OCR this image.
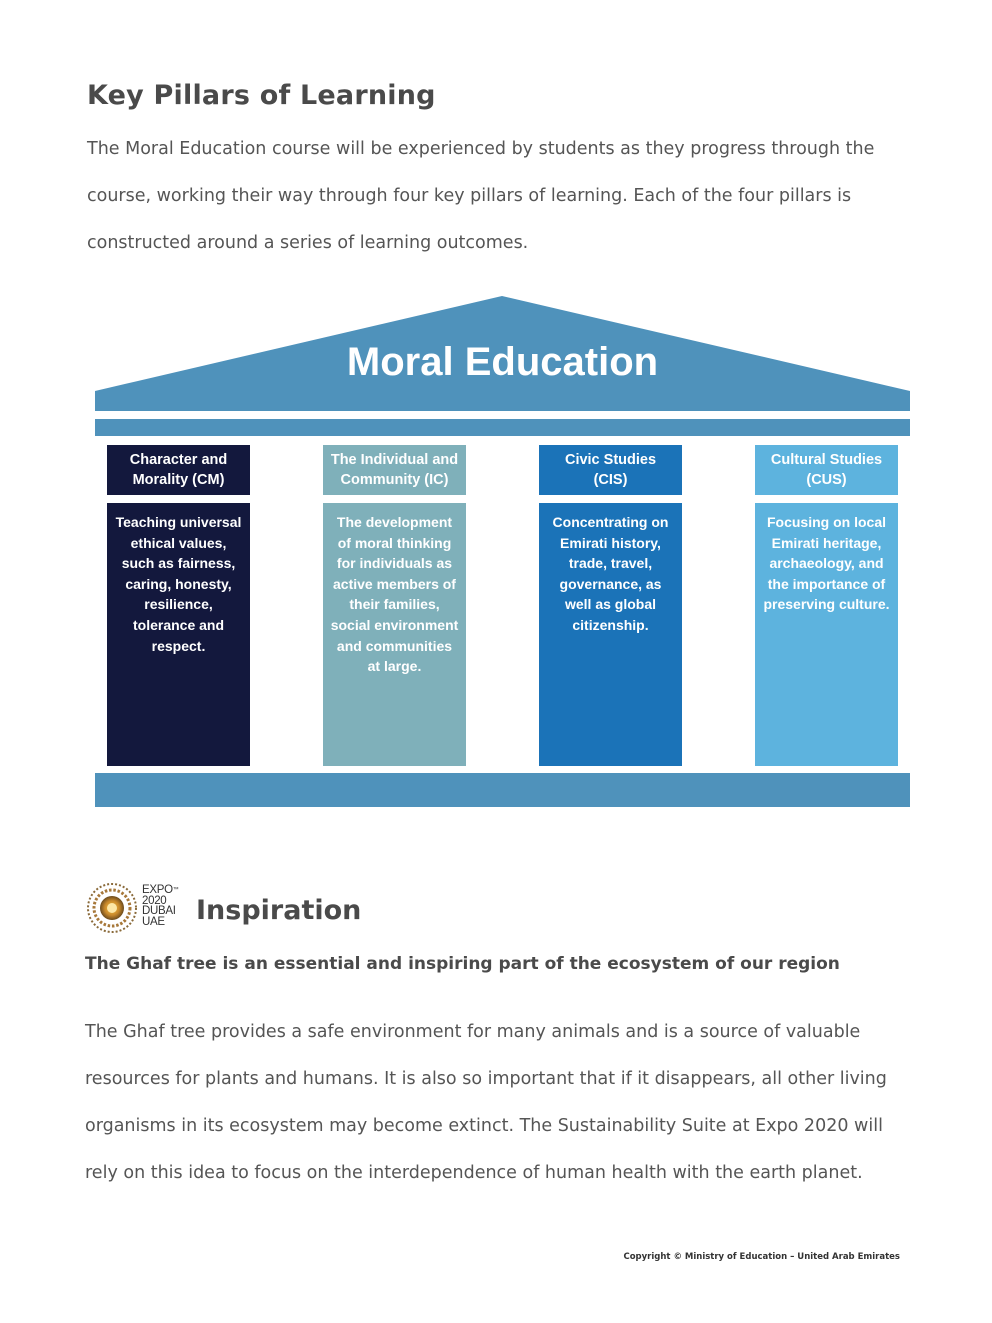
Key Pillars of Learning

The Moral Education course will be experienced by students as they progress through the course, working their way through four key pillars of learning. Each of the four pillars is constructed around a series of learning outcomes.

Moral Education
Character and
Morality (CM)
Teaching universal ethical values, such as fairness, caring, honesty, resilience, tolerance and respect.
The Individual and
Community (IC)
The development of moral thinking for individuals as active members of their families, social environment and communities at large.
Civic Studies
(CIS)
Concentrating on Emirati history, trade, travel, governance, as well as global citizenship.
Cultural Studies
(CUS)
Focusing on local Emirati heritage, archaeology, and the importance of preserving culture.
EXPO™
2020
DUBAI
UAE	Inspiration

The Ghaf tree is an essential and inspiring part of the ecosystem of our region

The Ghaf tree provides a safe environment for many animals and is a source of valuable resources for plants and humans. It is also so important that if it disappears, all other living organisms in its ecosystem may become extinct. The Sustainability Suite at Expo 2020 will rely on this idea to focus on the interdependence of human health with the earth planet.

Copyright © Ministry of Education – United Arab Emirates
